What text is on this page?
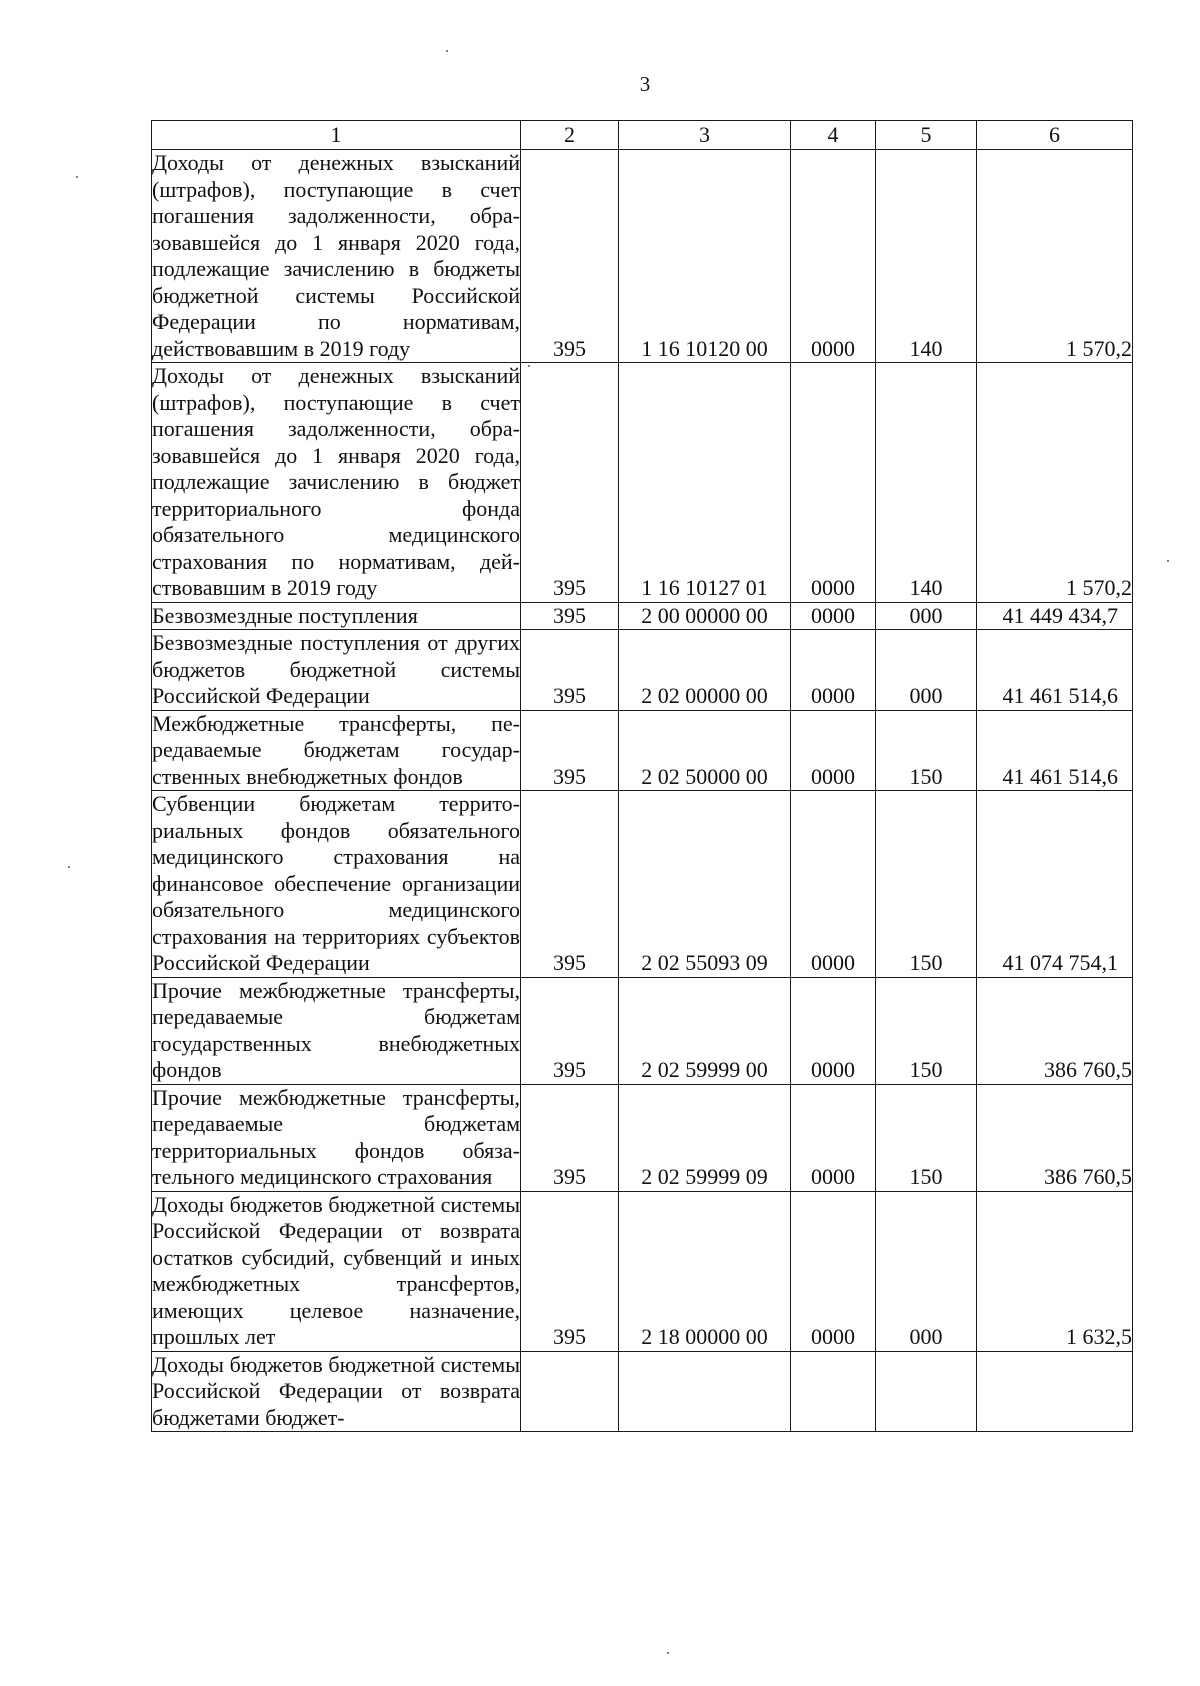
3
1	2	3	4	5	6
Доходы от денежных взысканий (штрафов), поступающие в счет погашения задолженности, образовавшейся до 1 января 2020 года, подлежащие зачислению в бюджеты бюджетной системы Российской Федерации по нормативам, действовавшим в 2019 году	395	1 16 10120 00	0000	140	1 570,2
Доходы от денежных взысканий (штрафов), поступающие в счет погашения задолженности, образовавшейся до 1 января 2020 года, подлежащие зачислению в бюджет территориального фонда обязательного медицинского страхования по нормативам, действовавшим в 2019 году	395	1 16 10127 01	0000	140	1 570,2
Безвозмездные поступления	395	2 00 00000 00	0000	000	41 449 434,7
Безвозмездные поступления от других бюджетов бюджетной системы Российской Федерации	395	2 02 00000 00	0000	000	41 461 514,6
Межбюджетные трансферты, передаваемые бюджетам государственных внебюджетных фондов	395	2 02 50000 00	0000	150	41 461 514,6
Субвенции бюджетам территориальных фондов обязательного медицинского страхования на финансовое обеспечение организации обязательного медицинского страхования на территориях субъектов Российской Федерации	395	2 02 55093 09	0000	150	41 074 754,1
Прочие межбюджетные трансферты, передаваемые бюджетам государственных внебюджетных фондов	395	2 02 59999 00	0000	150	386 760,5
Прочие межбюджетные трансферты, передаваемые бюджетам территориальных фондов обязательного медицинского страхования	395	2 02 59999 09	0000	150	386 760,5
Доходы бюджетов бюджетной системы Российской Федерации от возврата остатков субсидий, субвенций и иных межбюджетных трансфертов, имеющих целевое назначение, прошлых лет	395	2 18 00000 00	0000	000	1 632,5
Доходы бюджетов бюджетной системы Российской Федерации от возврата бюджетами бюджет-					
